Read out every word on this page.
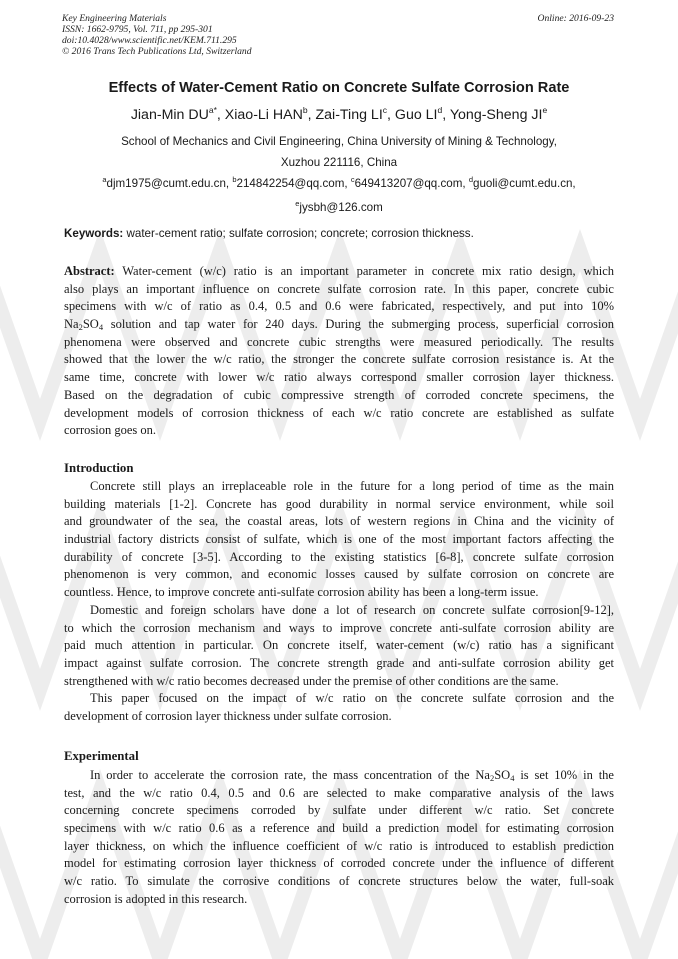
Key Engineering Materials
ISSN: 1662-9795, Vol. 711, pp 295-301
doi:10.4028/www.scientific.net/KEM.711.295
© 2016 Trans Tech Publications Ltd, Switzerland
Online: 2016-09-23
Effects of Water-Cement Ratio on Concrete Sulfate Corrosion Rate
Jian-Min $DU^{a*}$, Xiao-Li HAN$^b$, Zai-Ting $LI^c$, Guo $LI^d$, Yong-Sheng $JI^e$
School of Mechanics and Civil Engineering, China University of Mining & Technology,
Xuzhou 221116, China
$^a$djm1975@cumt.edu.cn, $^b$214842254@qq.com, $^c$649413207@qq.com, $^d$guoli@cumt.edu.cn,
$^e$jysbh@126.com
Keywords: water-cement ratio; sulfate corrosion; concrete; corrosion thickness.
Abstract: Water-cement (w/c) ratio is an important parameter in concrete mix ratio design, which
also plays an important influence on concrete sulfate corrosion rate. In this paper, concrete cubic
specimens with w/c of ratio as 0.4, 0.5 and 0.6 were fabricated, respectively, and put into 10%
$Na_2SO_4$ solution and tap water for 240 days. During the submerging process, superficial corrosion
phenomena were observed and concrete cubic strengths were measured periodically. The results
showed that the lower the w/c ratio, the stronger the concrete sulfate corrosion resistance is. At the
same time, concrete with lower w/c ratio always correspond smaller corrosion layer thickness.
Based on the degradation of cubic compressive strength of corroded concrete specimens, the
development models of corrosion thickness of each w/c ratio concrete are established as sulfate
corrosion goes on.
Introduction
Concrete still plays an irreplaceable role in the future for a long period of time as the main
building materials [1-2]. Concrete has good durability in normal service environment, while soil
and groundwater of the sea, the coastal areas, lots of western regions in China and the vicinity of
industrial factory districts consist of sulfate, which is one of the most important factors affecting the
durability of concrete [3-5]. According to the existing statistics [6-8], concrete sulfate corrosion
phenomenon is very common, and economic losses caused by sulfate corrosion on concrete are
countless. Hence, to improve concrete anti-sulfate corrosion ability has been a long-term issue.
Domestic and foreign scholars have done a lot of research on concrete sulfate corrosion[9-12],
to which the corrosion mechanism and ways to improve concrete anti-sulfate corrosion ability are
paid much attention in particular. On concrete itself, water-cement (w/c) ratio has a significant
impact against sulfate corrosion. The concrete strength grade and anti-sulfate corrosion ability get
strengthened with w/c ratio becomes decreased under the premise of other conditions are the same.
This paper focused on the impact of w/c ratio on the concrete sulfate corrosion and the
development of corrosion layer thickness under sulfate corrosion.
Experimental
In order to accelerate the corrosion rate, the mass concentration of the $Na_2SO_4$ is set 10% in the
test, and the w/c ratio 0.4, 0.5 and 0.6 are selected to make comparative analysis of the laws
concerning concrete specimens corroded by sulfate under different w/c ratio. Set concrete
specimens with w/c ratio 0.6 as a reference and build a prediction model for estimating corrosion
layer thickness, on which the influence coefficient of w/c ratio is introduced to establish prediction
model for estimating corrosion layer thickness of corroded concrete under the influence of different
w/c ratio. To simulate the corrosive conditions of concrete structures below the water, full-soak
corrosion is adopted in this research.
